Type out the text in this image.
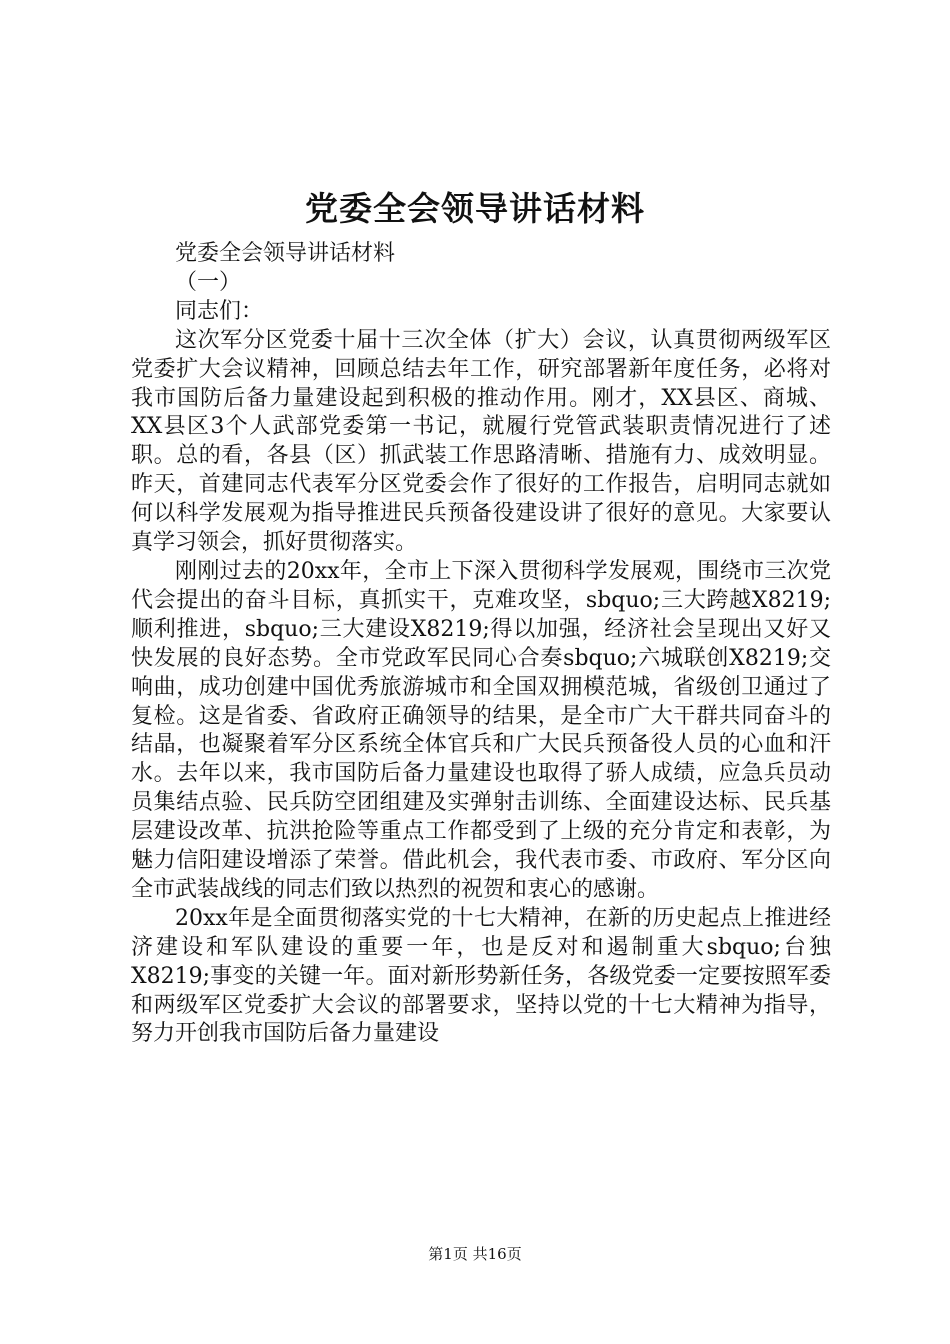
党委全会领导讲话材料

党委全会领导讲话材料

（一）

同志们：

这次军分区党委十届十三次全体（扩大）会议，认真贯彻两级军区党委扩大会议精神，回顾总结去年工作，研究部署新年度任务，必将对我市国防后备力量建设起到积极的推动作用。刚才，XX县区、商城、XX县区3个人武部党委第一书记，就履行党管武装职责情况进行了述职。总的看，各县（区）抓武装工作思路清晰、措施有力、成效明显。昨天，首建同志代表军分区党委会作了很好的工作报告，启明同志就如何以科学发展观为指导推进民兵预备役建设讲了很好的意见。大家要认真学习领会，抓好贯彻落实。

刚刚过去的20xx年，全市上下深入贯彻科学发展观，围绕市三次党代会提出的奋斗目标，真抓实干，克难攻坚，sbquo;三大跨越X8219;顺利推进，sbquo;三大建设X8219;得以加强，经济社会呈现出又好又快发展的良好态势。全市党政军民同心合奏sbquo;六城联创X8219;交响曲，成功创建中国优秀旅游城市和全国双拥模范城，省级创卫通过了复检。这是省委、省政府正确领导的结果，是全市广大干群共同奋斗的结晶，也凝聚着军分区系统全体官兵和广大民兵预备役人员的心血和汗水。去年以来，我市国防后备力量建设也取得了骄人成绩，应急兵员动员集结点验、民兵防空团组建及实弹射击训练、全面建设达标、民兵基层建设改革、抗洪抢险等重点工作都受到了上级的充分肯定和表彰，为魅力信阳建设增添了荣誉。借此机会，我代表市委、市政府、军分区向全市武装战线的同志们致以热烈的祝贺和衷心的感谢。

20xx年是全面贯彻落实党的十七大精神，在新的历史起点上推进经济建设和军队建设的重要一年，也是反对和遏制重大sbquo;台独X8219;事变的关键一年。面对新形势新任务，各级党委一定要按照军委和两级军区党委扩大会议的部署要求，坚持以党的十七大精神为指导，努力开创我市国防后备力量建设

第1页 共16页
